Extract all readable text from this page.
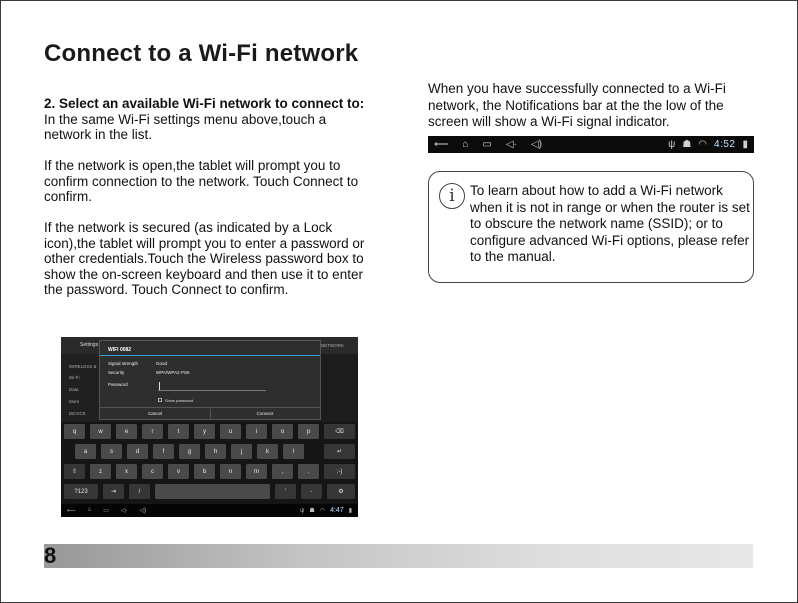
Connect to a Wi-Fi network
2. Select an available Wi-Fi network to connect to:

In the same Wi-Fi settings menu above,touch a network in the list.

If the network is open,the tablet will prompt you to confirm connection to the network. Touch Connect to confirm.

If the network is secured (as indicated by a Lock icon),the tablet will prompt you to enter a password or other credentials.Touch the Wireless password box to show the on-screen keyboard and then use it to enter the password. Touch Connect to confirm.

When you have successfully connected to a Wi-Fi network, the Notifications bar at the the low of the screen will show a Wi-Fi signal indicator.
⟵ ⌂ ▭ ◁· ◁)	ψ ☗ ◠ 4:52 ▮
i	To learn about how to add a Wi-Fi network when it is not in range or when the router is set to obscure the network name (SSID); or to configure advanced Wi-Fi options, please refer to the manual.
Settings
WIRELESS &
Wi-Fi
Data
More
DEVICE
NETWORK
WIFI 0082
Signal strength	Good
Security	WPA/WPA2 PSK
Password
Show password
Cancel	Connect
q	w	e	r	t	y	u	i	o	p	⌫
a	s	d	f	g	h	j	k	l	↵
⇧	z	x	c	v	b	n	m	,	.	:-)
?123	⇥	/	'	-	⚙
⟵ ⌂ ▭ ◁· ◁)	ψ ☗ ◠ 4:47 ▮
8
